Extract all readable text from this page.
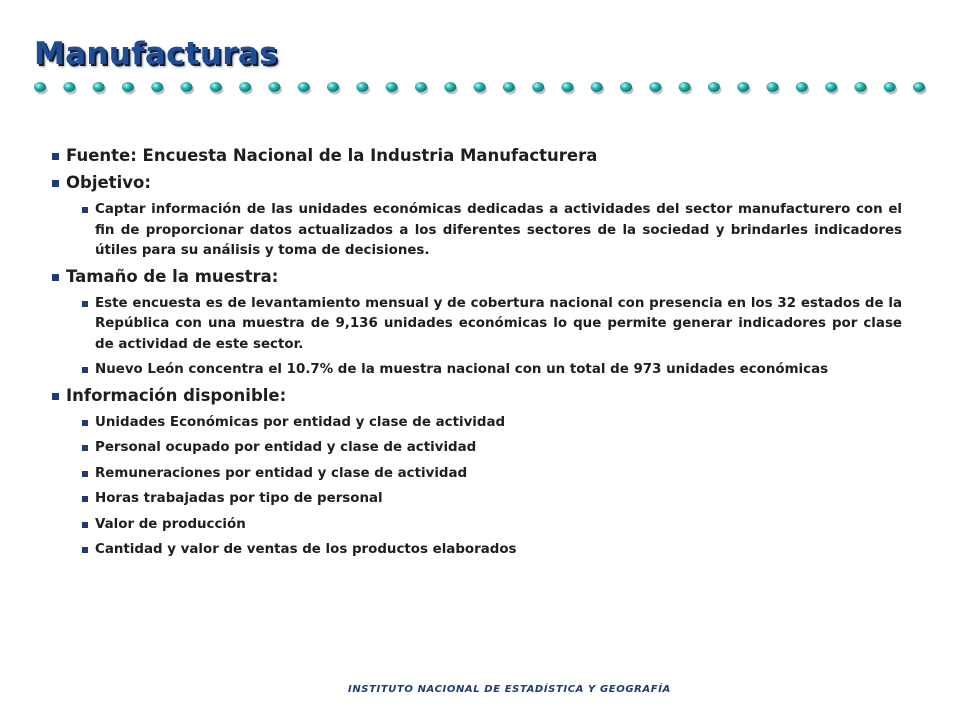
Manufacturas
Fuente: Encuesta Nacional de la Industria Manufacturera
Objetivo:
Captar información de las unidades económicas dedicadas a actividades del sector manufacturero con el fin de proporcionar datos actualizados a los diferentes sectores de la sociedad y brindarles indicadores útiles para su análisis y toma de decisiones.
Tamaño de la muestra:
Este encuesta es de levantamiento mensual y de cobertura nacional con presencia en los 32 estados de la República con una muestra de 9,136 unidades económicas lo que permite generar indicadores por clase de actividad de este sector.
Nuevo León concentra el 10.7% de la muestra nacional con un total de 973 unidades económicas
Información disponible:
Unidades Económicas por entidad y clase de actividad
Personal ocupado por entidad y clase de actividad
Remuneraciones por entidad y clase de actividad
Horas trabajadas por tipo de personal
Valor de producción
Cantidad y valor de ventas de los productos elaborados
INSTITUTO NACIONAL DE ESTADÍSTICA Y GEOGRAFÍA
